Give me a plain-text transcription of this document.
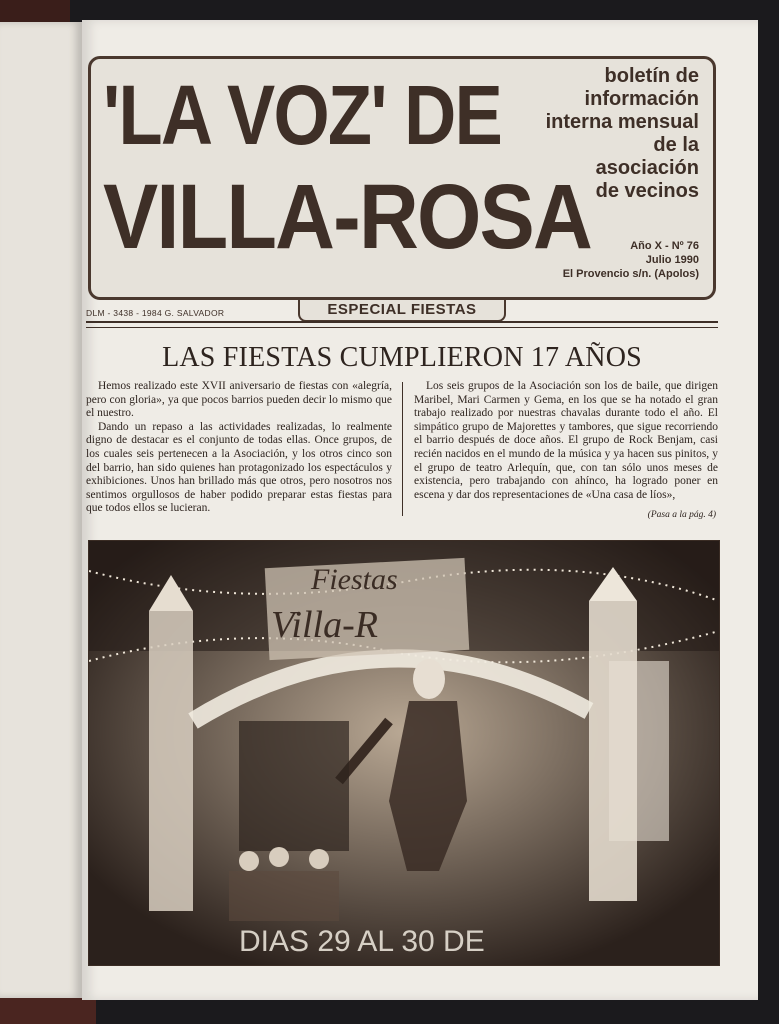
'LA VOZ' DE
VILLA-ROSA
boletín de
información
interna mensual
de la
asociación
de vecinos
Año X - Nº 76
Julio 1990
El Provencio s/n. (Apolos)
DLM - 3438 - 1984 G. SALVADOR	ESPECIAL FIESTAS
LAS FIESTAS CUMPLIERON 17 AÑOS

Hemos realizado este XVII aniversario de fiestas con «alegría, pero con gloria», ya que pocos barrios pueden decir lo mismo que el nuestro.

Dando un repaso a las actividades realizadas, lo realmente digno de destacar es el conjunto de todas ellas. Once grupos, de los cuales seis pertenecen a la Asociación, y los otros cinco son del barrio, han sido quienes han protagonizado los espectáculos y exhibiciones. Unos han brillado más que otros, pero nosotros nos sentimos orgullosos de haber podido preparar estas fiestas para que todos ellos se lucieran.

Los seis grupos de la Asociación son los de baile, que dirigen Maribel, Mari Carmen y Gema, en los que se ha notado el gran trabajo realizado por nuestras chavalas durante todo el año. El simpático grupo de Majorettes y tambores, que sigue recorriendo el barrio después de doce años. El grupo de Rock Benjam, casi recién nacidos en el mundo de la música y ya hacen sus pinitos, y el grupo de teatro Arlequín, que, con tan sólo unos meses de existencia, pero trabajando con ahínco, ha logrado poner en escena y dar dos representaciones de «Una casa de líos»,

(Pasa a la pág. 4)
Fiestas
Villa-R
DIAS 29 AL 30 DE
